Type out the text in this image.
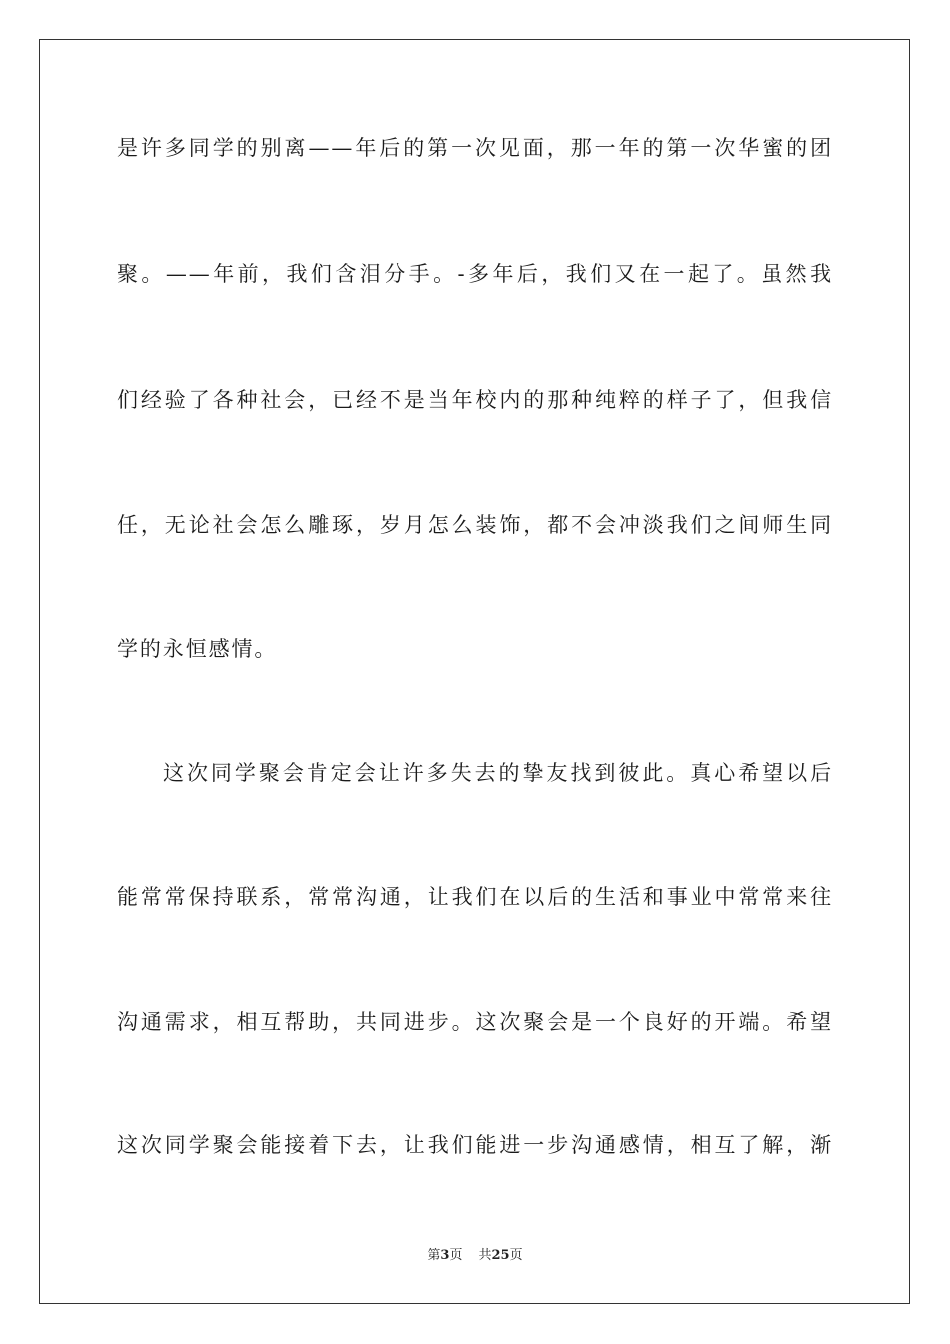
是许多同学的别离——年后的第一次见面，那一年的第一次华蜜的团
聚。——年前，我们含泪分手。-多年后，我们又在一起了。虽然我
们经验了各种社会，已经不是当年校内的那种纯粹的样子了，但我信
任，无论社会怎么雕琢，岁月怎么装饰，都不会冲淡我们之间师生同
学的永恒感情。
这次同学聚会肯定会让许多失去的挚友找到彼此。真心希望以后
能常常保持联系，常常沟通，让我们在以后的生活和事业中常常来往
沟通需求，相互帮助，共同进步。这次聚会是一个良好的开端。希望
这次同学聚会能接着下去，让我们能进一步沟通感情，相互了解，渐
第3页 共25页
